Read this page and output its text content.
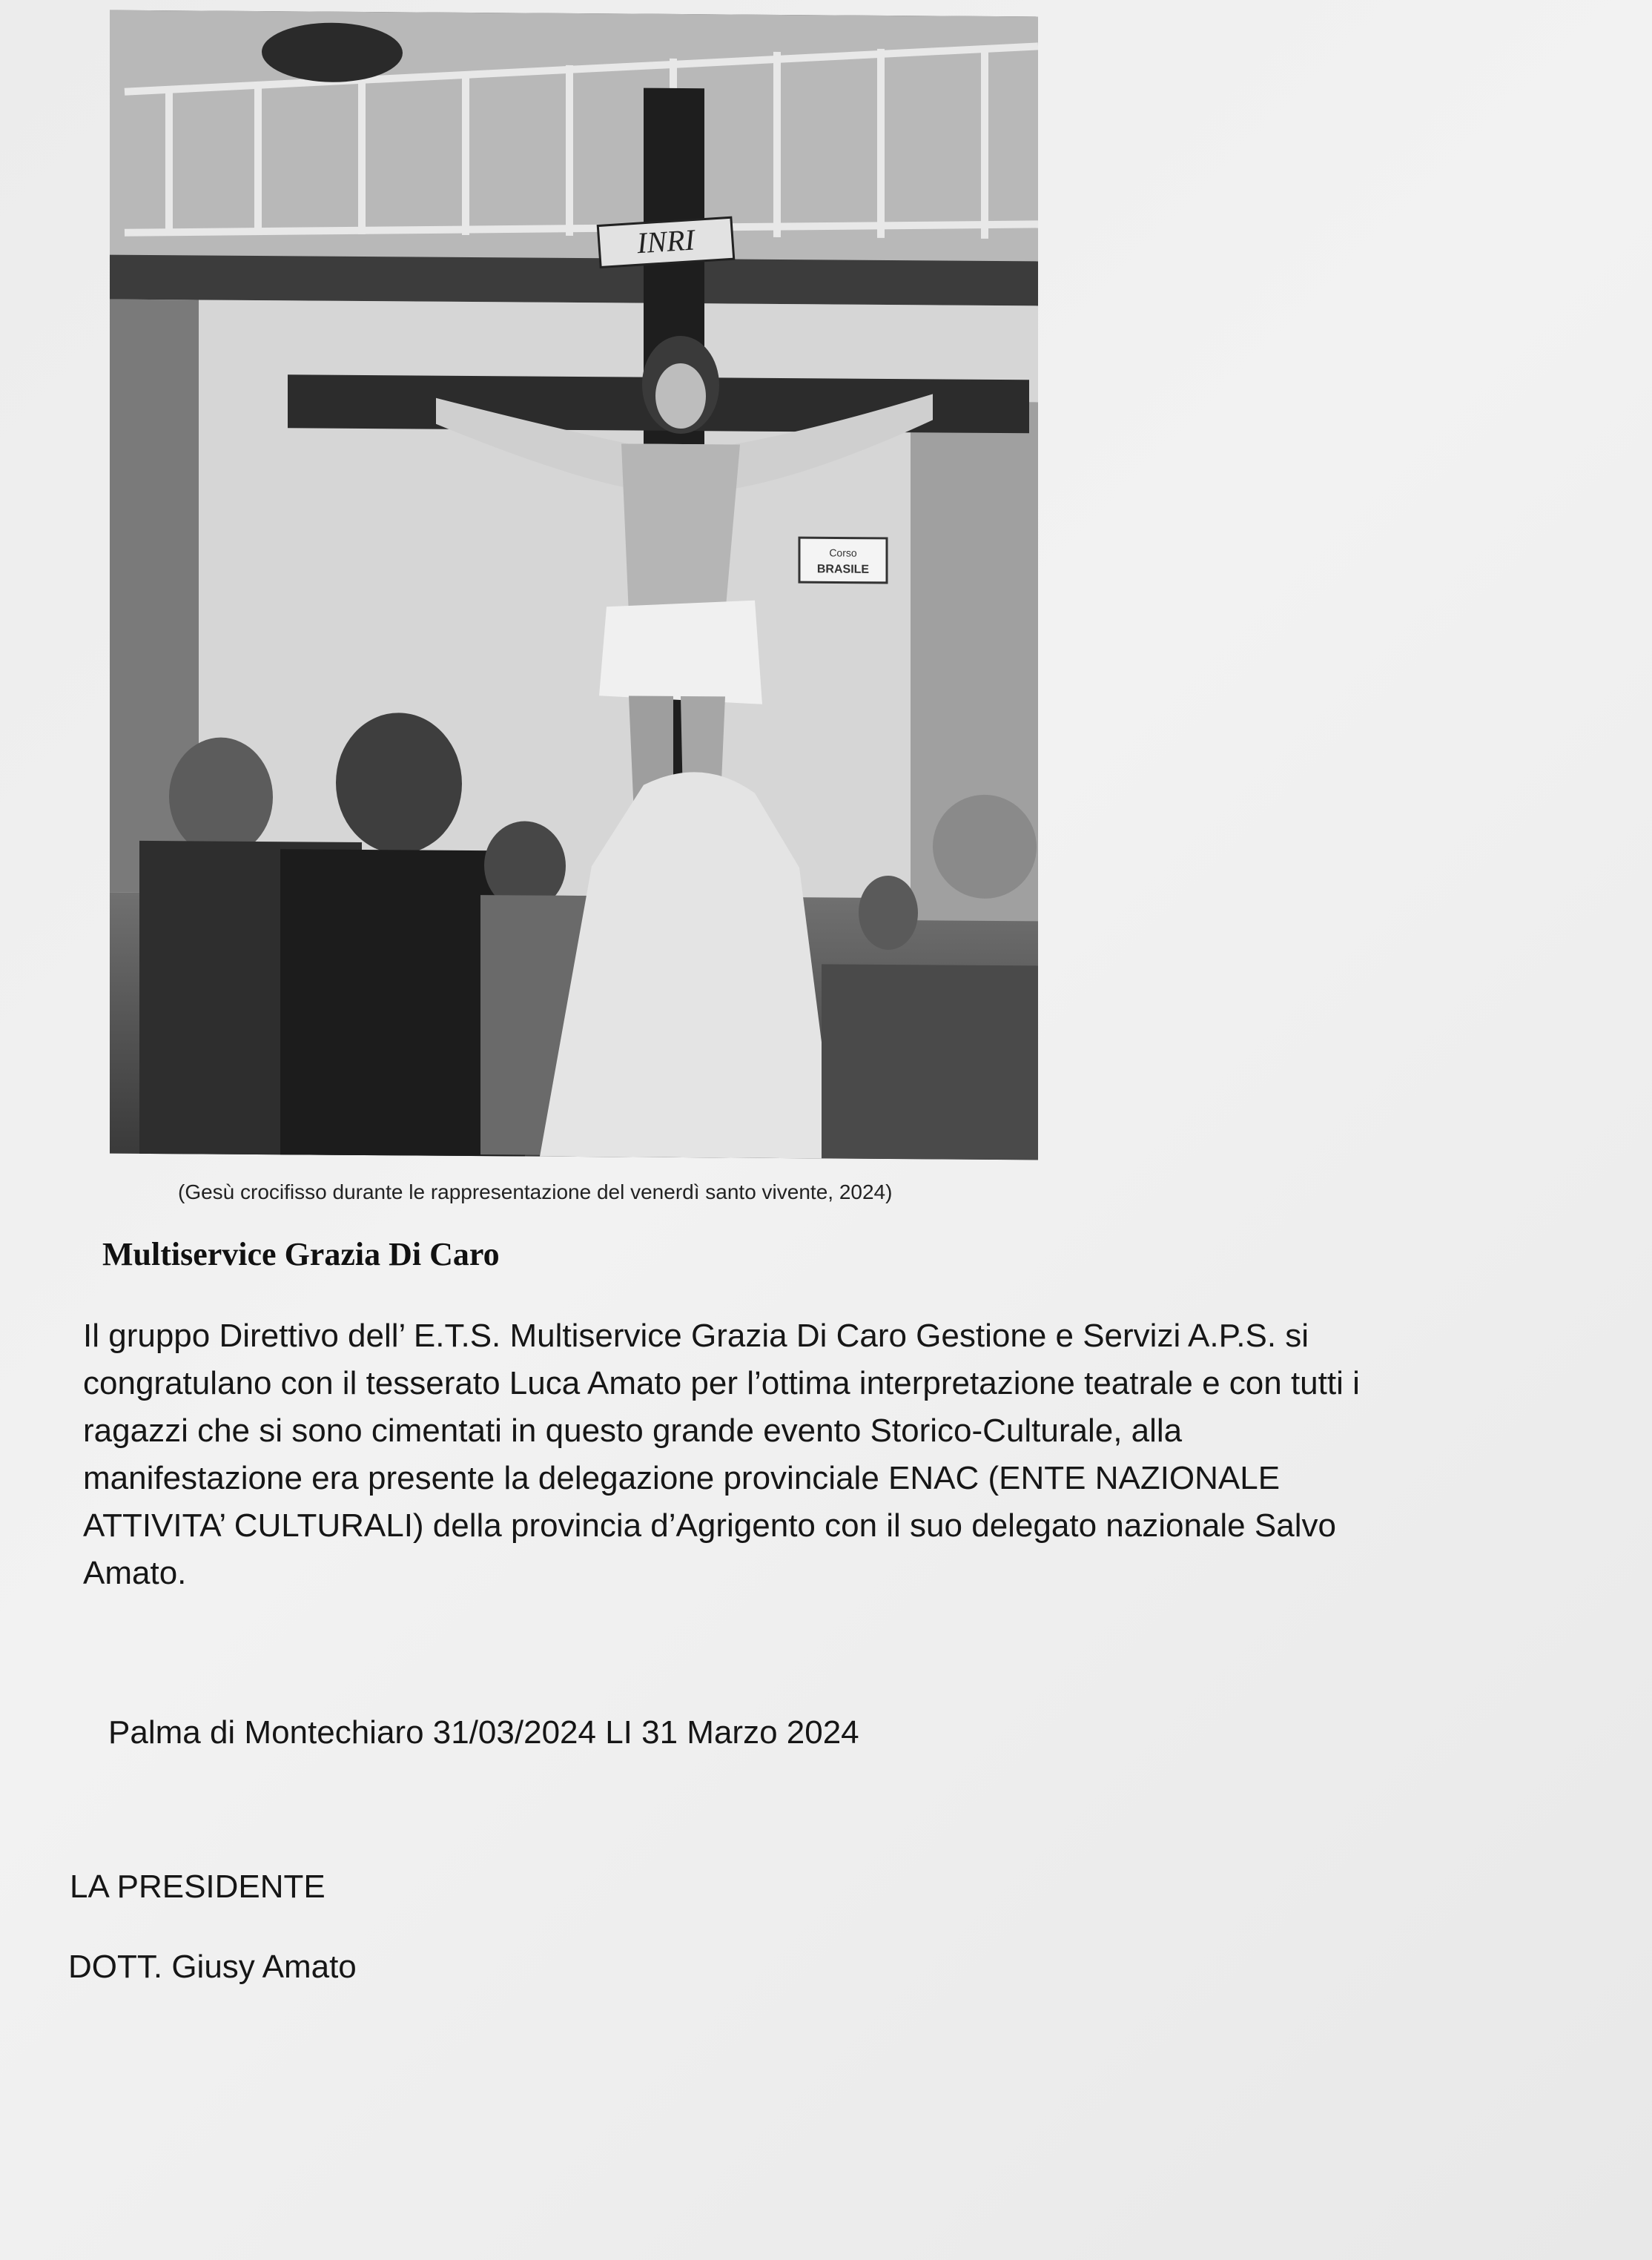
Corso
BRASILE
INRI
(Gesù crocifisso durante le rappresentazione del venerdì santo vivente, 2024)
Multiservice Grazia Di Caro
Il gruppo Direttivo dell’ E.T.S. Multiservice Grazia Di Caro Gestione e Servizi A.P.S. si
congratulano con il tesserato Luca Amato per l’ottima interpretazione teatrale e con tutti i
ragazzi che si sono cimentati in questo grande evento Storico-Culturale, alla
manifestazione era presente la delegazione provinciale ENAC (ENTE NAZIONALE
ATTIVITA’ CULTURALI) della provincia d’Agrigento con il suo delegato nazionale Salvo
Amato.
Palma di Montechiaro 31/03/2024 LI 31 Marzo 2024
LA PRESIDENTE
DOTT. Giusy Amato
